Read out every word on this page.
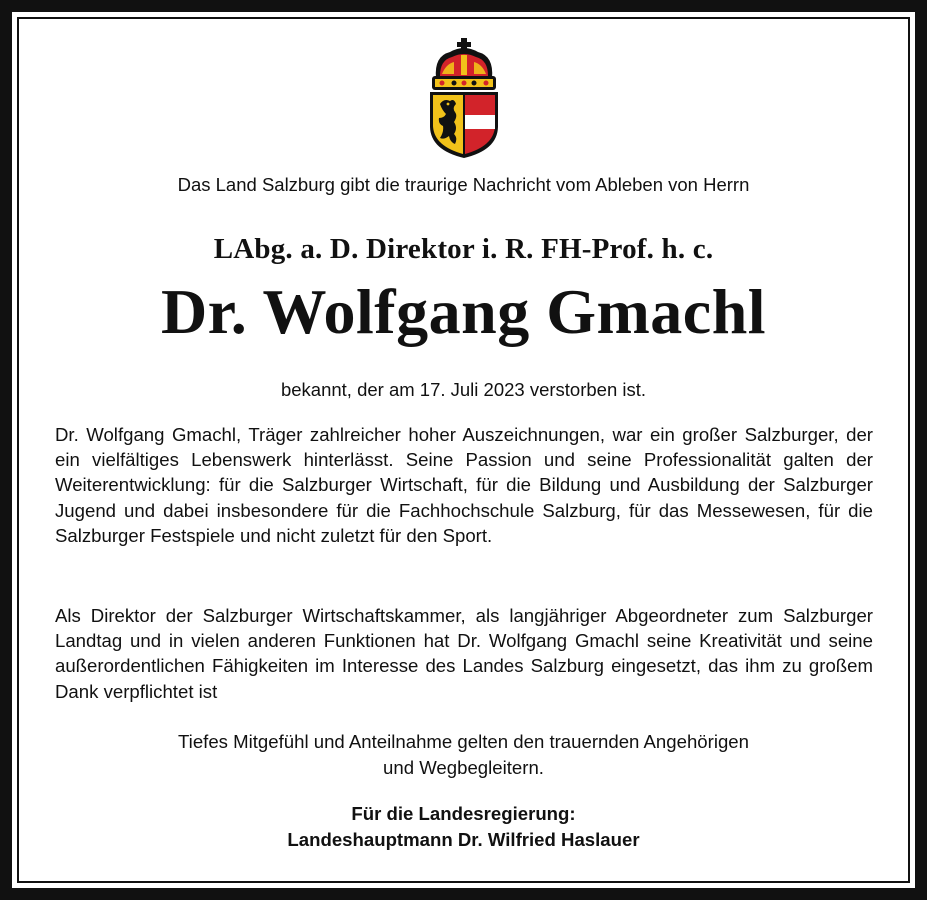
Das Land Salzburg gibt die traurige Nachricht vom Ableben von Herrn
LAbg. a. D. Direktor i. R. FH-Prof. h. c.
Dr. Wolfgang Gmachl
bekannt, der am 17. Juli 2023 verstorben ist.

Dr. Wolfgang Gmachl, Träger zahlreicher hoher Auszeichnungen, war ein großer Salzburger, der ein vielfältiges Lebenswerk hinterlässt. Seine Passion und seine Professionalität galten der Weiterentwicklung: für die Salzburger Wirtschaft, für die Bildung und Ausbildung der Salzburger Jugend und dabei insbesondere für die Fachhochschule Salzburg, für das Messewesen, für die Salzburger Festspiele und nicht zuletzt für den Sport.

Als Direktor der Salzburger Wirtschaftskammer, als langjähriger Abgeordneter zum Salzburger Landtag und in vielen anderen Funktionen hat Dr. Wolfgang Gmachl seine Kreativität und seine außerordentlichen Fähigkeiten im Interesse des Landes Salzburg eingesetzt, das ihm zu großem Dank verpflichtet ist

Tiefes Mitgefühl und Anteilnahme gelten den trauernden Angehörigen
und Wegbegleitern.
Für die Landesregierung:
Landeshauptmann Dr. Wilfried Haslauer
